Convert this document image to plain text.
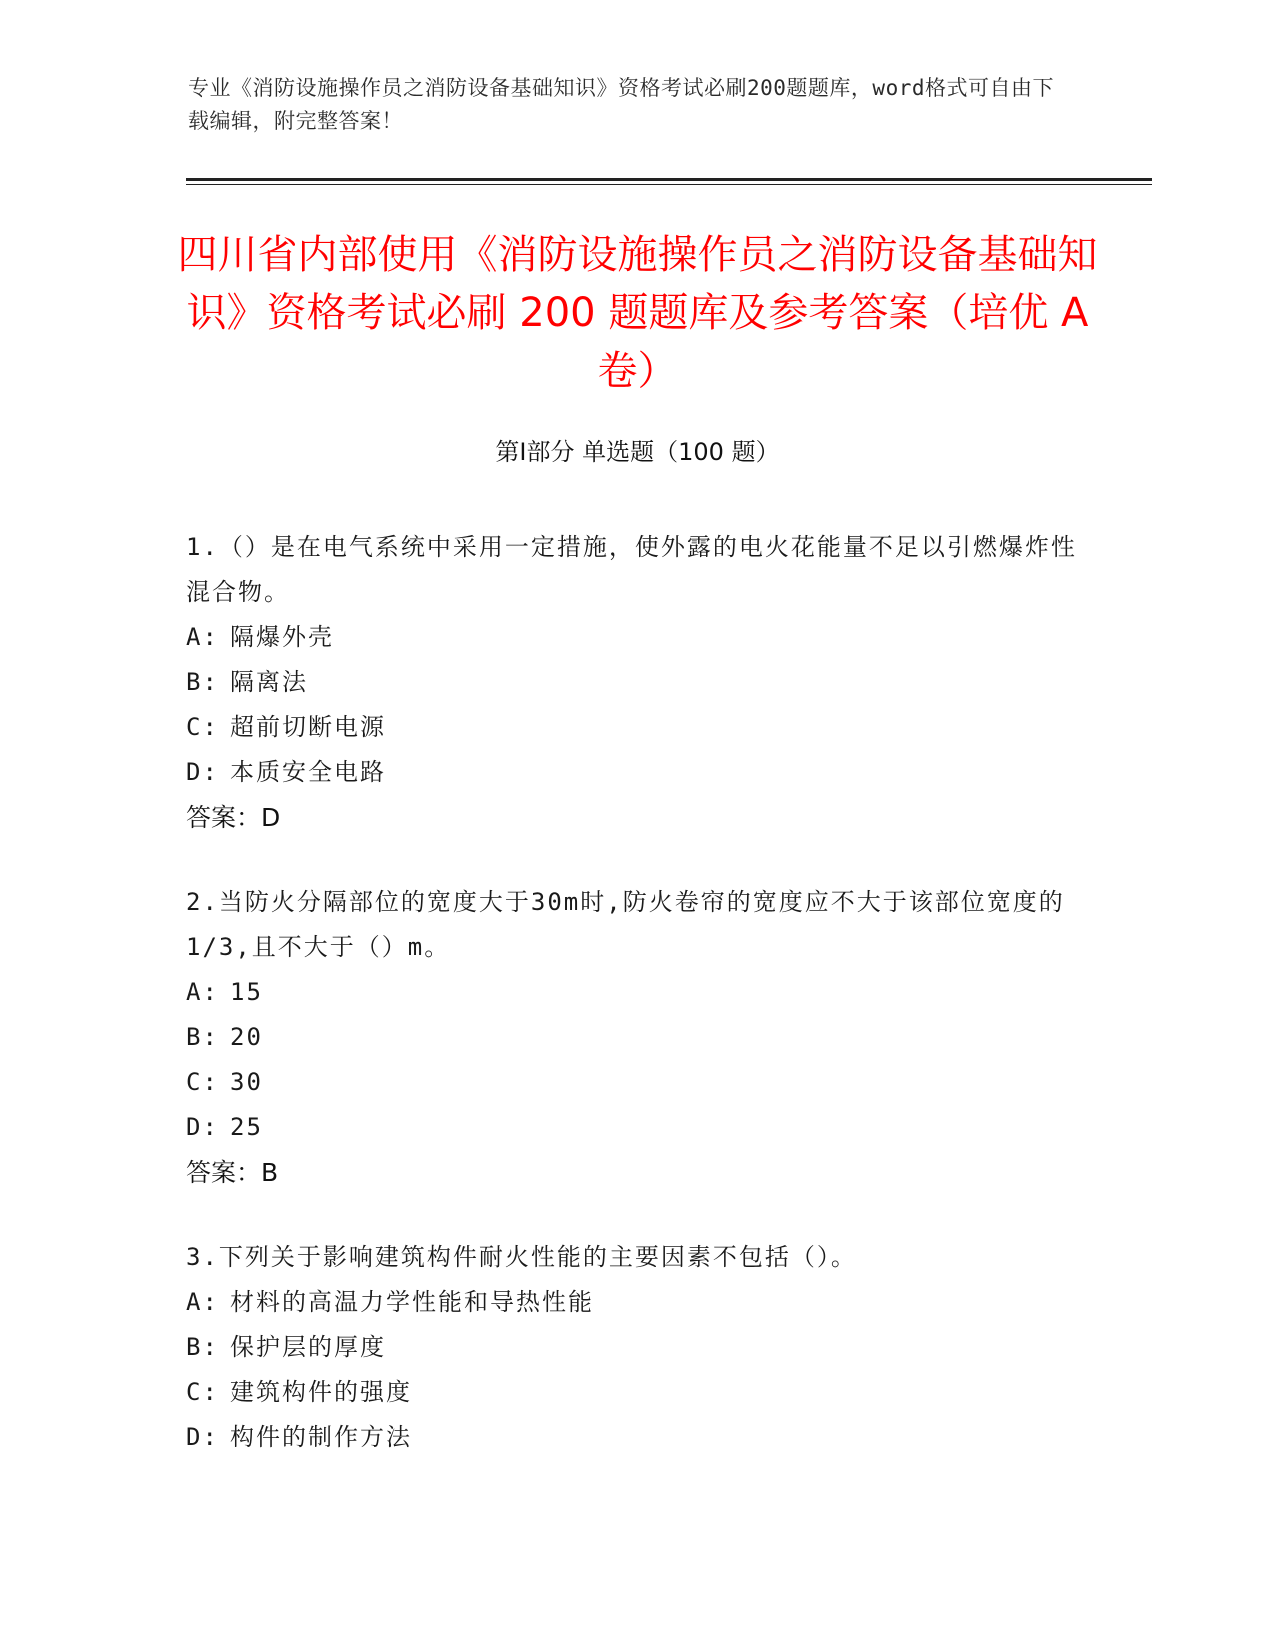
专业《消防设施操作员之消防设备基础知识》资格考试必刷200题题库，word格式可自由下载编辑，附完整答案！
四川省内部使用《消防设施操作员之消防设备基础知识》资格考试必刷 200 题题库及参考答案（培优 A 卷）
第Ⅰ部分 单选题（100 题）
1.（）是在电气系统中采用一定措施，使外露的电火花能量不足以引燃爆炸性混合物。
A: 隔爆外壳
B: 隔离法
C: 超前切断电源
D: 本质安全电路
答案：D
2.当防火分隔部位的宽度大于30m时,防火卷帘的宽度应不大于该部位宽度的1/3,且不大于（）m。
A: 15
B: 20
C: 30
D: 25
答案：B
3.下列关于影响建筑构件耐火性能的主要因素不包括（）。
A: 材料的高温力学性能和导热性能
B: 保护层的厚度
C: 建筑构件的强度
D: 构件的制作方法
